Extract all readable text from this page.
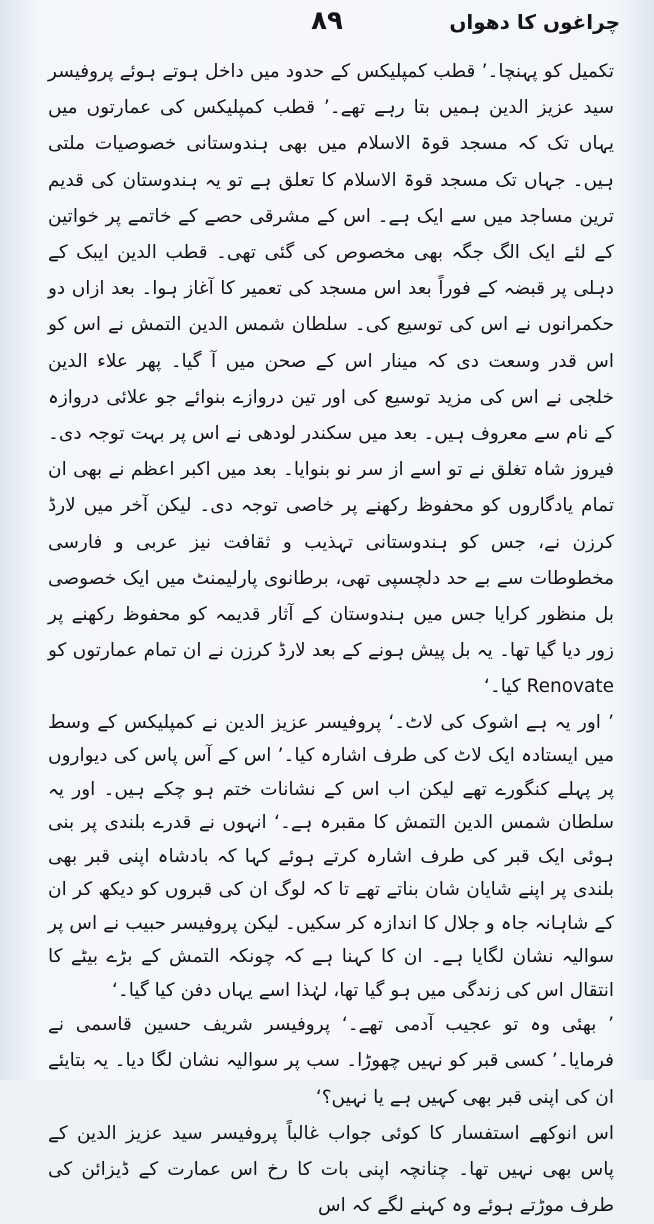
چراغوں کا دھواں
۸۹

تکمیل کو پہنچا۔’ قطب کمپلیکس کے حدود میں داخل ہوتے ہوئے پروفیسر سید عزیز الدین ہمیں بتا رہے تھے۔’ قطب کمپلیکس کی عمارتوں میں یہاں تک کہ مسجد قوۃ الاسلام میں بھی ہندوستانی خصوصیات ملتی ہیں۔ جہاں تک مسجد قوۃ الاسلام کا تعلق ہے تو یہ ہندوستان کی قدیم ترین مساجد میں سے ایک ہے۔ اس کے مشرقی حصے کے خاتمے پر خواتین کے لئے ایک الگ جگہ بھی مخصوص کی گئی تھی۔ قطب الدین ایبک کے دہلی پر قبضہ کے فوراً بعد اس مسجد کی تعمیر کا آغاز ہوا۔ بعد ازاں دو حکمرانوں نے اس کی توسیع کی۔ سلطان شمس الدین التمش نے اس کو اس قدر وسعت دی کہ مینار اس کے صحن میں آ گیا۔ پھر علاء الدین خلجی نے اس کی مزید توسیع کی اور تین دروازے بنوائے جو علائی دروازہ کے نام سے معروف ہیں۔ بعد میں سکندر لودھی نے اس پر بہت توجہ دی۔ فیروز شاہ تغلق نے تو اسے از سر نو بنوایا۔ بعد میں اکبر اعظم نے بھی ان تمام یادگاروں کو محفوظ رکھنے پر خاصی توجہ دی۔ لیکن آخر میں لارڈ کرزن نے، جس کو ہندوستانی تہذیب و ثقافت نیز عربی و فارسی مخطوطات سے بے حد دلچسپی تھی، برطانوی پارلیمنٹ میں ایک خصوصی بل منظور کرایا جس میں ہندوستان کے آثار قدیمہ کو محفوظ رکھنے پر زور دیا گیا تھا۔ یہ بل پیش ہونے کے بعد لارڈ کرزن نے ان تمام عمارتوں کو Renovate کیا۔‘

’ اور یہ ہے اشوک کی لاٹ۔‘ پروفیسر عزیز الدین نے کمپلیکس کے وسط میں ایستادہ ایک لاٹ کی طرف اشارہ کیا۔’ اس کے آس پاس کی دیواروں پر پہلے کنگورے تھے لیکن اب اس کے نشانات ختم ہو چکے ہیں۔ اور یہ سلطان شمس الدین التمش کا مقبرہ ہے۔‘ انہوں نے قدرے بلندی پر بنی ہوئی ایک قبر کی طرف اشارہ کرتے ہوئے کہا کہ بادشاہ اپنی قبر بھی بلندی پر اپنے شایان شان بناتے تھے تا کہ لوگ ان کی قبروں کو دیکھ کر ان کے شاہانہ جاہ و جلال کا اندازہ کر سکیں۔ لیکن پروفیسر حبیب نے اس پر سوالیہ نشان لگایا ہے۔ ان کا کہنا ہے کہ چونکہ التمش کے بڑے بیٹے کا انتقال اس کی زندگی میں ہو گیا تھا، لہٰذا اسے یہاں دفن کیا گیا۔‘

’ بھئی وہ تو عجیب آدمی تھے۔‘ پروفیسر شریف حسین قاسمی نے فرمایا۔’ کسی قبر کو نہیں چھوڑا۔ سب پر سوالیہ نشان لگا دیا۔ یہ بتایئے ان کی اپنی قبر بھی کہیں ہے یا نہیں؟‘

اس انوکھے استفسار کا کوئی جواب غالباً پروفیسر سید عزیز الدین کے پاس بھی نہیں تھا۔ چنانچہ اپنی بات کا رخ اس عمارت کے ڈیزائن کی طرف موڑتے ہوئے وہ کہنے لگے کہ اس
